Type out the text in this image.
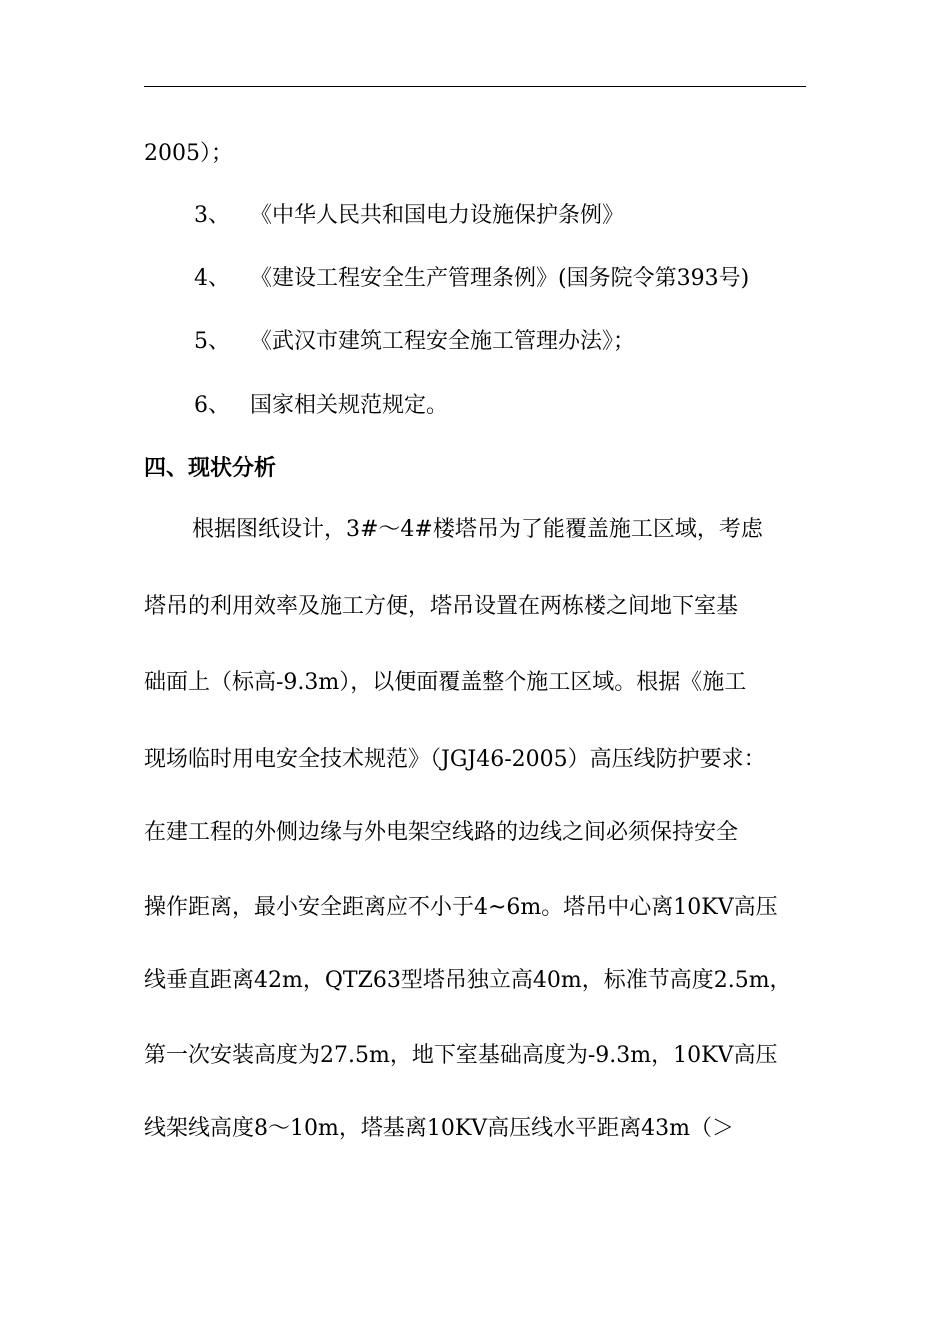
2005）；
3、 《中华人民共和国电力设施保护条例》
4、 《建设工程安全生产管理条例》(国务院令第393号)
5、 《武汉市建筑工程安全施工管理办法》；
6、 国家相关规范规定。
四、现状分析
根据图纸设计，3#～4#楼塔吊为了能覆盖施工区域，考虑
塔吊的利用效率及施工方便，塔吊设置在两栋楼之间地下室基
础面上（标高-9.3m），以便面覆盖整个施工区域。根据《施工
现场临时用电安全技术规范》（JGJ46-2005）高压线防护要求：
在建工程的外侧边缘与外电架空线路的边线之间必须保持安全
操作距离，最小安全距离应不小于4~6m。塔吊中心离10KV高压
线垂直距离42m，QTZ63型塔吊独立高40m，标准节高度2.5m，
第一次安装高度为27.5m，地下室基础高度为-9.3m，10KV高压
线架线高度8～10m，塔基离10KV高压线水平距离43m（＞
